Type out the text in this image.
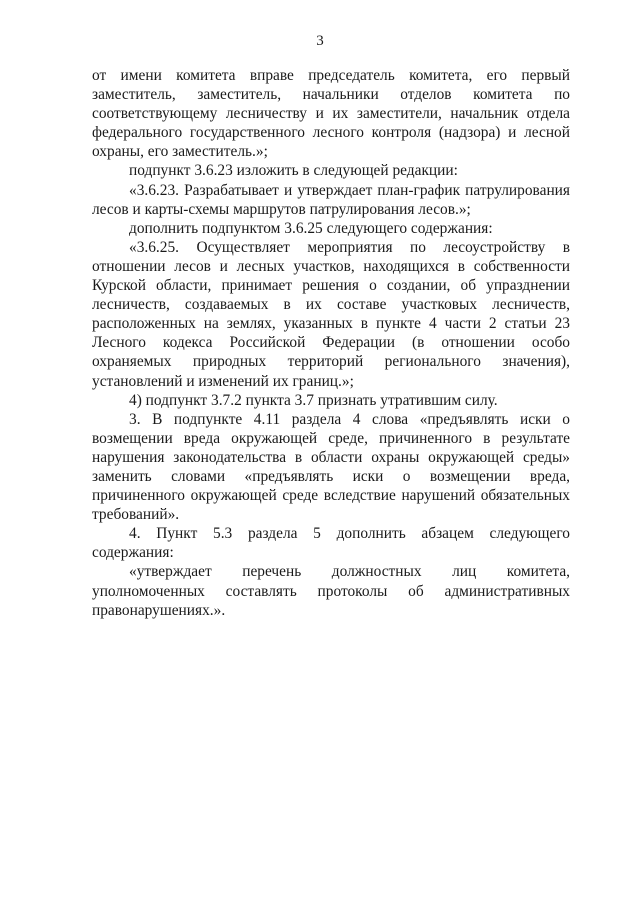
3

от имени комитета вправе председатель комитета, его первый заместитель, заместитель, начальники отделов комитета по соответствующему лесничеству и их заместители, начальник отдела федерального государственного лесного контроля (надзора) и лесной охраны, его заместитель.»;

подпункт 3.6.23 изложить в следующей редакции:

«3.6.23. Разрабатывает и утверждает план-график патрулирования лесов и карты-схемы маршрутов патрулирования лесов.»;

дополнить подпунктом 3.6.25 следующего содержания:

«3.6.25. Осуществляет мероприятия по лесоустройству в отношении лесов и лесных участков, находящихся в собственности Курской области, принимает решения о создании, об упразднении лесничеств, создаваемых в их составе участковых лесничеств, расположенных на землях, указанных в пункте 4 части 2 статьи 23 Лесного кодекса Российской Федерации (в отношении особо охраняемых природных территорий регионального значения), установлений и изменений их границ.»;

4) подпункт 3.7.2 пункта 3.7 признать утратившим силу.

3. В подпункте 4.11 раздела 4 слова «предъявлять иски о возмещении вреда окружающей среде, причиненного в результате нарушения законодательства в области охраны окружающей среды» заменить словами «предъявлять иски о возмещении вреда, причиненного окружающей среде вследствие нарушений обязательных требований».

4. Пункт 5.3 раздела 5 дополнить абзацем следующего содержания:

«утверждает перечень должностных лиц комитета, уполномоченных составлять протоколы об административных правонарушениях.».
